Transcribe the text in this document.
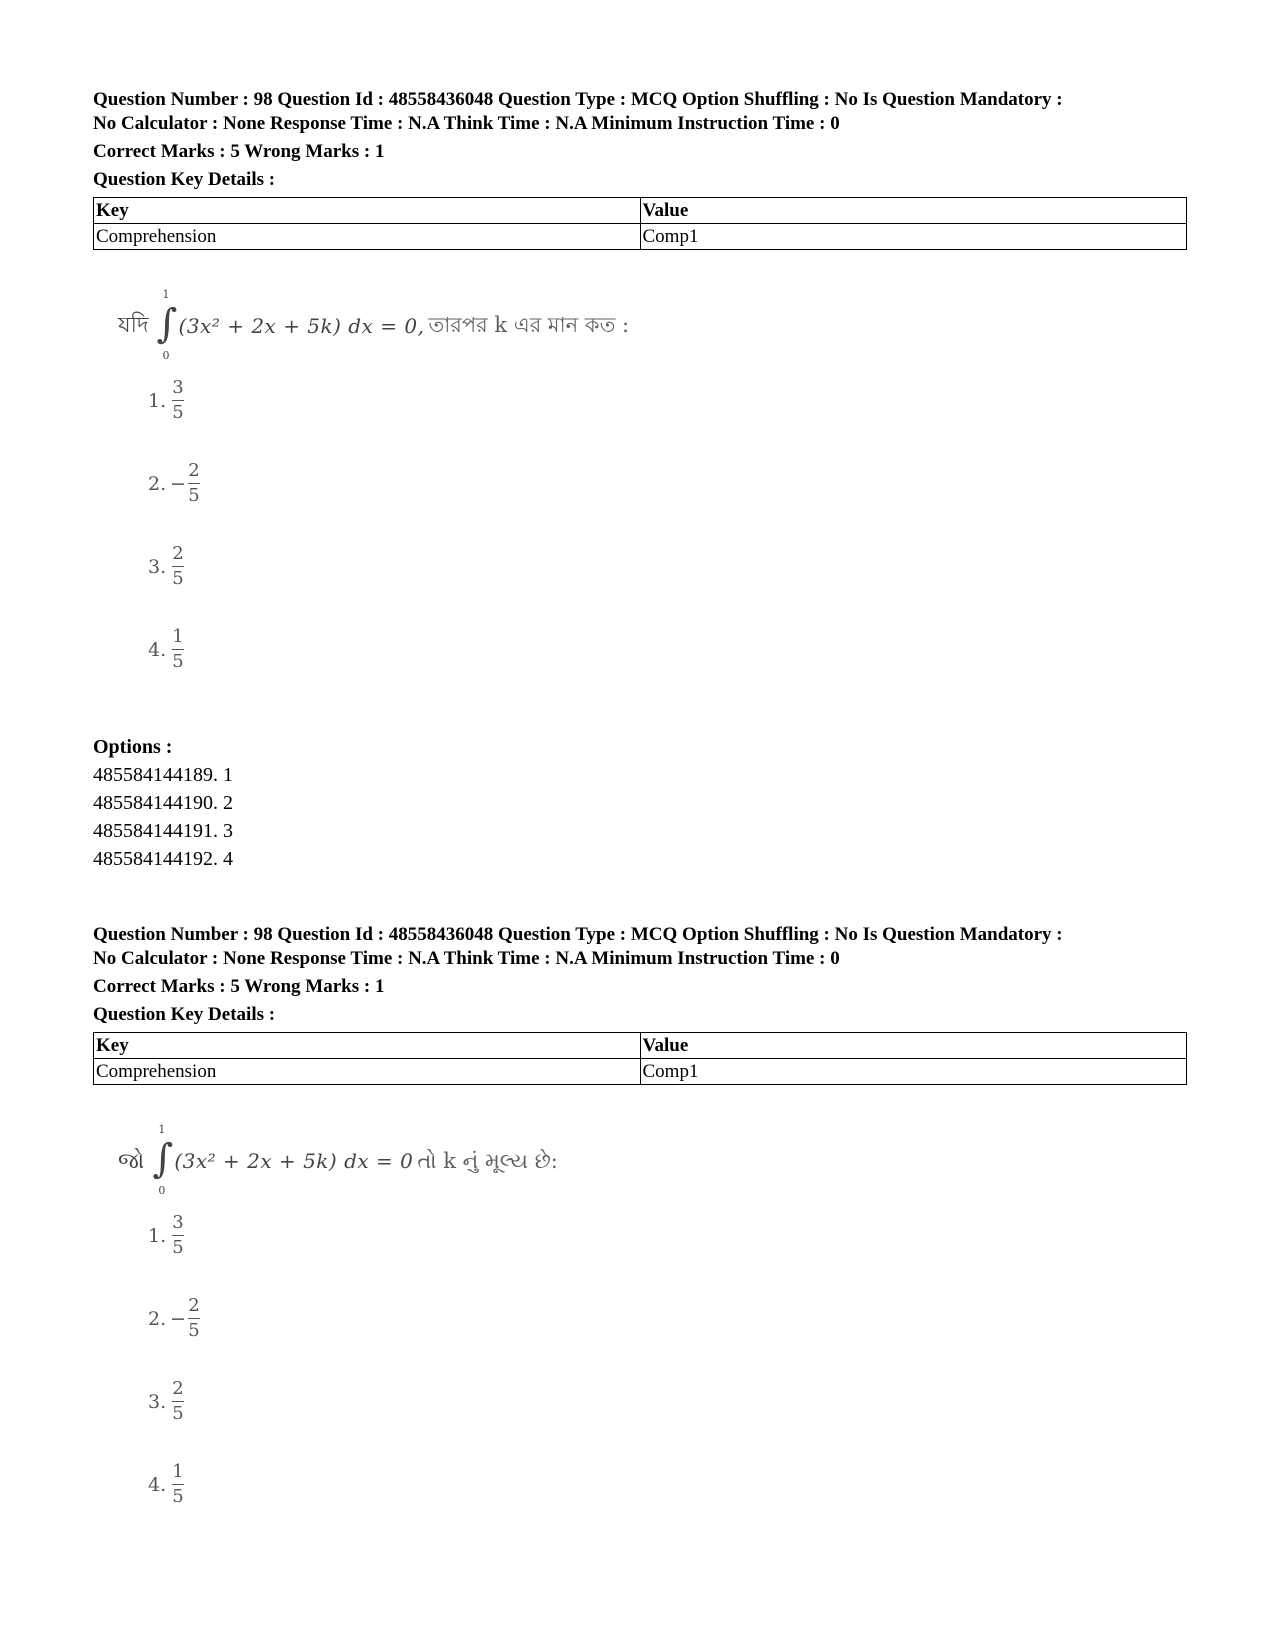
Question Number : 98 Question Id : 48558436048 Question Type : MCQ Option Shuffling : No Is Question Mandatory :
No Calculator : None Response Time : N.A Think Time : N.A Minimum Instruction Time : 0
Correct Marks : 5 Wrong Marks : 1
Question Key Details :
Key	Value
Comprehension	Comp1
যদি
1
∫
0
(3x² + 2x + 5k) dx = 0, তারপর k এর মান কত :
1. $\frac{3}{5}$
2. − $\frac{2}{5}$
3. $\frac{2}{5}$
4. $\frac{1}{5}$
Options :
485584144189. 1
485584144190. 2
485584144191. 3
485584144192. 4
Question Number : 98 Question Id : 48558436048 Question Type : MCQ Option Shuffling : No Is Question Mandatory :
No Calculator : None Response Time : N.A Think Time : N.A Minimum Instruction Time : 0
Correct Marks : 5 Wrong Marks : 1
Question Key Details :
Key	Value
Comprehension	Comp1
જો
1
∫
0
(3x² + 2x + 5k) dx = 0 તો k નું મૂલ્ય છે:
1. $\frac{3}{5}$
2. − $\frac{2}{5}$
3. $\frac{2}{5}$
4. $\frac{1}{5}$
